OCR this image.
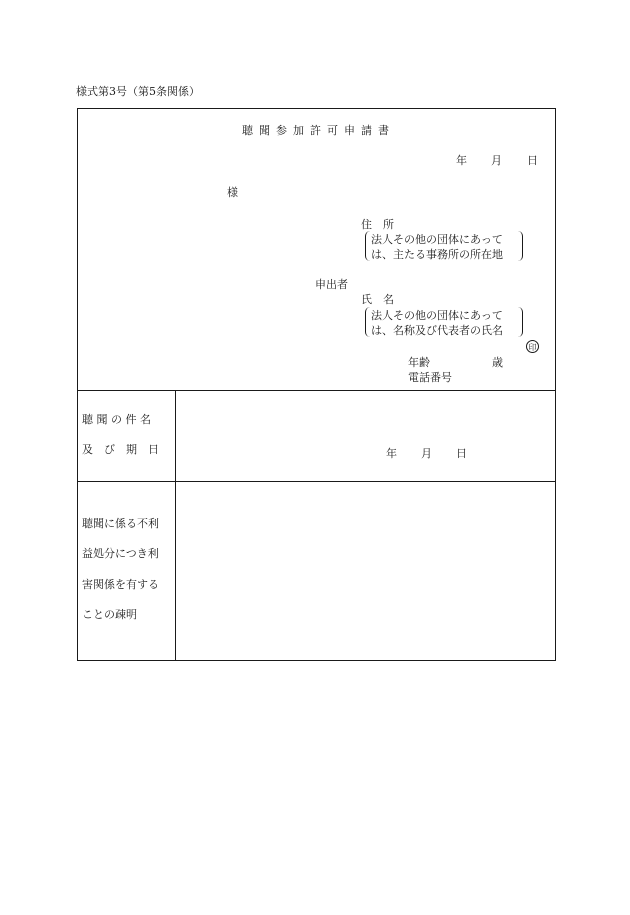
様式第3号（第5条関係）
聴聞参加許可申請書
年 月 日
様
住　所
法人その他の団体にあって
は、主たる事務所の所在地
申出者
氏　名
法人その他の団体にあって
は、名称及び代表者の氏名
印
年齢	歳
電話番号
聴 聞 の 件 名
及　び　期　日	年 月 日
聴聞に係る不利
益処分につき利
害関係を有する
ことの疎明
